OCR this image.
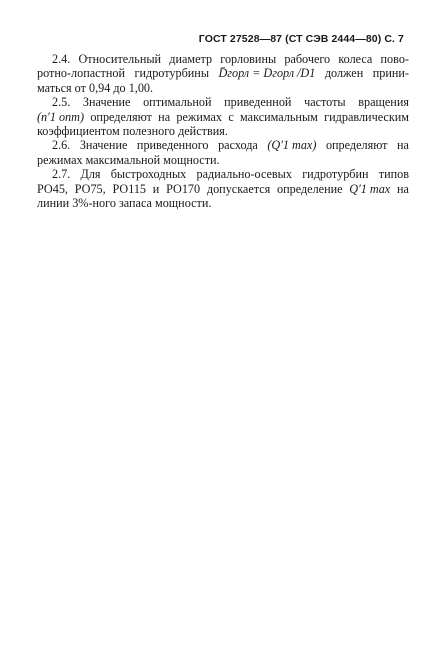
ГОСТ 27528—87 (СТ СЭВ 2444—80) С. 7
2.4. Относительный диаметр горловины рабочего колеса пово-
ротно-лопастной гидротурбины D̄горл = Dгорл /D1 должен прини-
маться от 0,94 до 1,00.
2.5. Значение оптимальной приведенной частоты вращения
(n′1 опт) определяют на режимах с максимальным гидравлическим
коэффициентом полезного действия.
2.6. Значение приведенного расхода (Q′1 max) определяют на
режимах максимальной мощности.
2.7. Для быстроходных радиально-осевых гидротурбин типов
РО45, РО75, РО115 и РО170 допускается определение Q′1 max на
линии 3%-ного запаса мощности.
